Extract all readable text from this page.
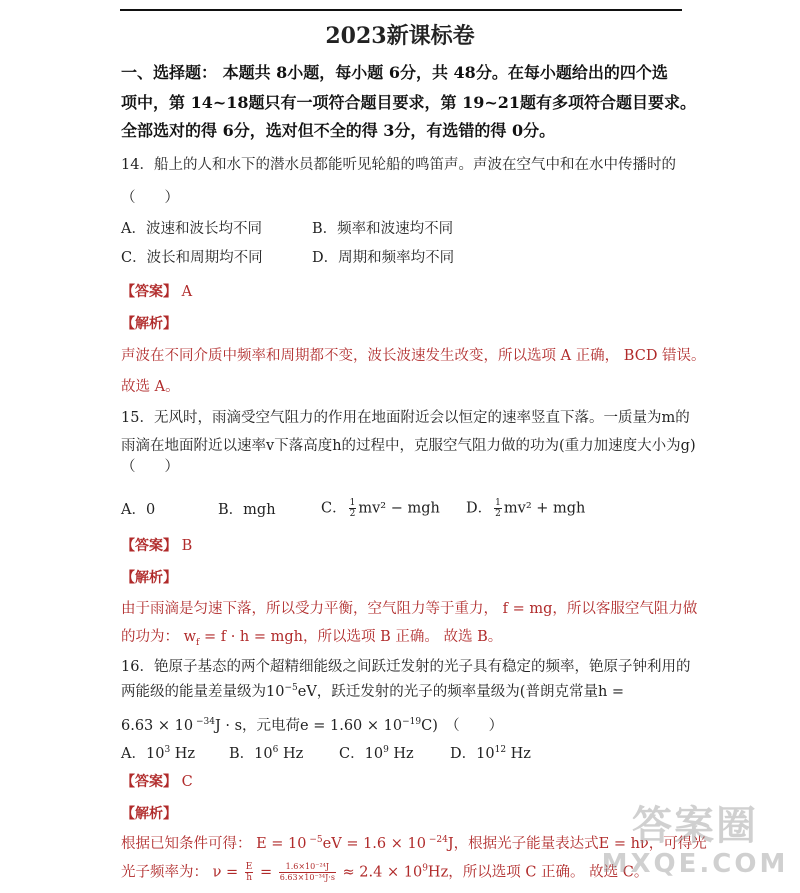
2023新课标卷
一、选择题： 本题共 8小题，每小题 6分，共 48分。在每小题给出的四个选
项中，第 14~18题只有一项符合题目要求，第 19~21题有多项符合题目要求。
全部选对的得 6分，选对但不全的得 3分，有选错的得 0分。
14．船上的人和水下的潜水员都能听见轮船的鸣笛声。声波在空气中和在水中传播时的
（　　）
A．波速和波长均不同	B．频率和波速均不同
C．波长和周期均不同	D．周期和频率均不同
【答案】 A
【解析】
声波在不同介质中频率和周期都不变，波长波速发生改变，所以选项 A 正确， BCD 错误。
故选 A。
15．无风时，雨滴受空气阻力的作用在地面附近会以恒定的速率竖直下落。一质量为m的
雨滴在地面附近以速率v下落高度h的过程中，克服空气阻力做的功为(重力加速度大小为g)
（　　）
A．0	B．mgh	C． $\frac{1}{2} mv^2$ − mgh D． $\frac{1}{2} mv^2$ + mgh
【答案】 B
【解析】
由于雨滴是匀速下落，所以受力平衡，空气阻力等于重力， f = mg，所以客服空气阻力做
的功为： $w_f = f \cdot h$ = mgh，所以选项 B 正确。 故选 B。
16．铯原子基态的两个超精细能级之间跃迁发射的光子具有稳定的频率，铯原子钟利用的
两能级的能量差量级为$10^{-5}eV$，跃迁发射的光子的频率量级为(普朗克常量h =
6.63 × 10 $^{-34}$J · s，元电荷$e = 1.60 \times 10^{-19}C$)　（　　）
A．$10^3$ Hz B．$10^6$ Hz C．$10^9$ Hz	D．$10^{12}$ Hz
【答案】 C
【解析】
根据已知条件可得： E = 10 $^{-5}$eV = 1.6 × 10 $^{-24}$J，根据光子能量表达式E = hν，可得光
光子频率为： $\nu = \frac{E}{h} = \frac{\text{1.6×10⁻²⁴J}}{\text{6.63×10⁻³⁴J·s}} \approx 2.4 \times 10^9Hz$，所以选项 C 正确。 故选 C。
答案圈
MXQE.COM
